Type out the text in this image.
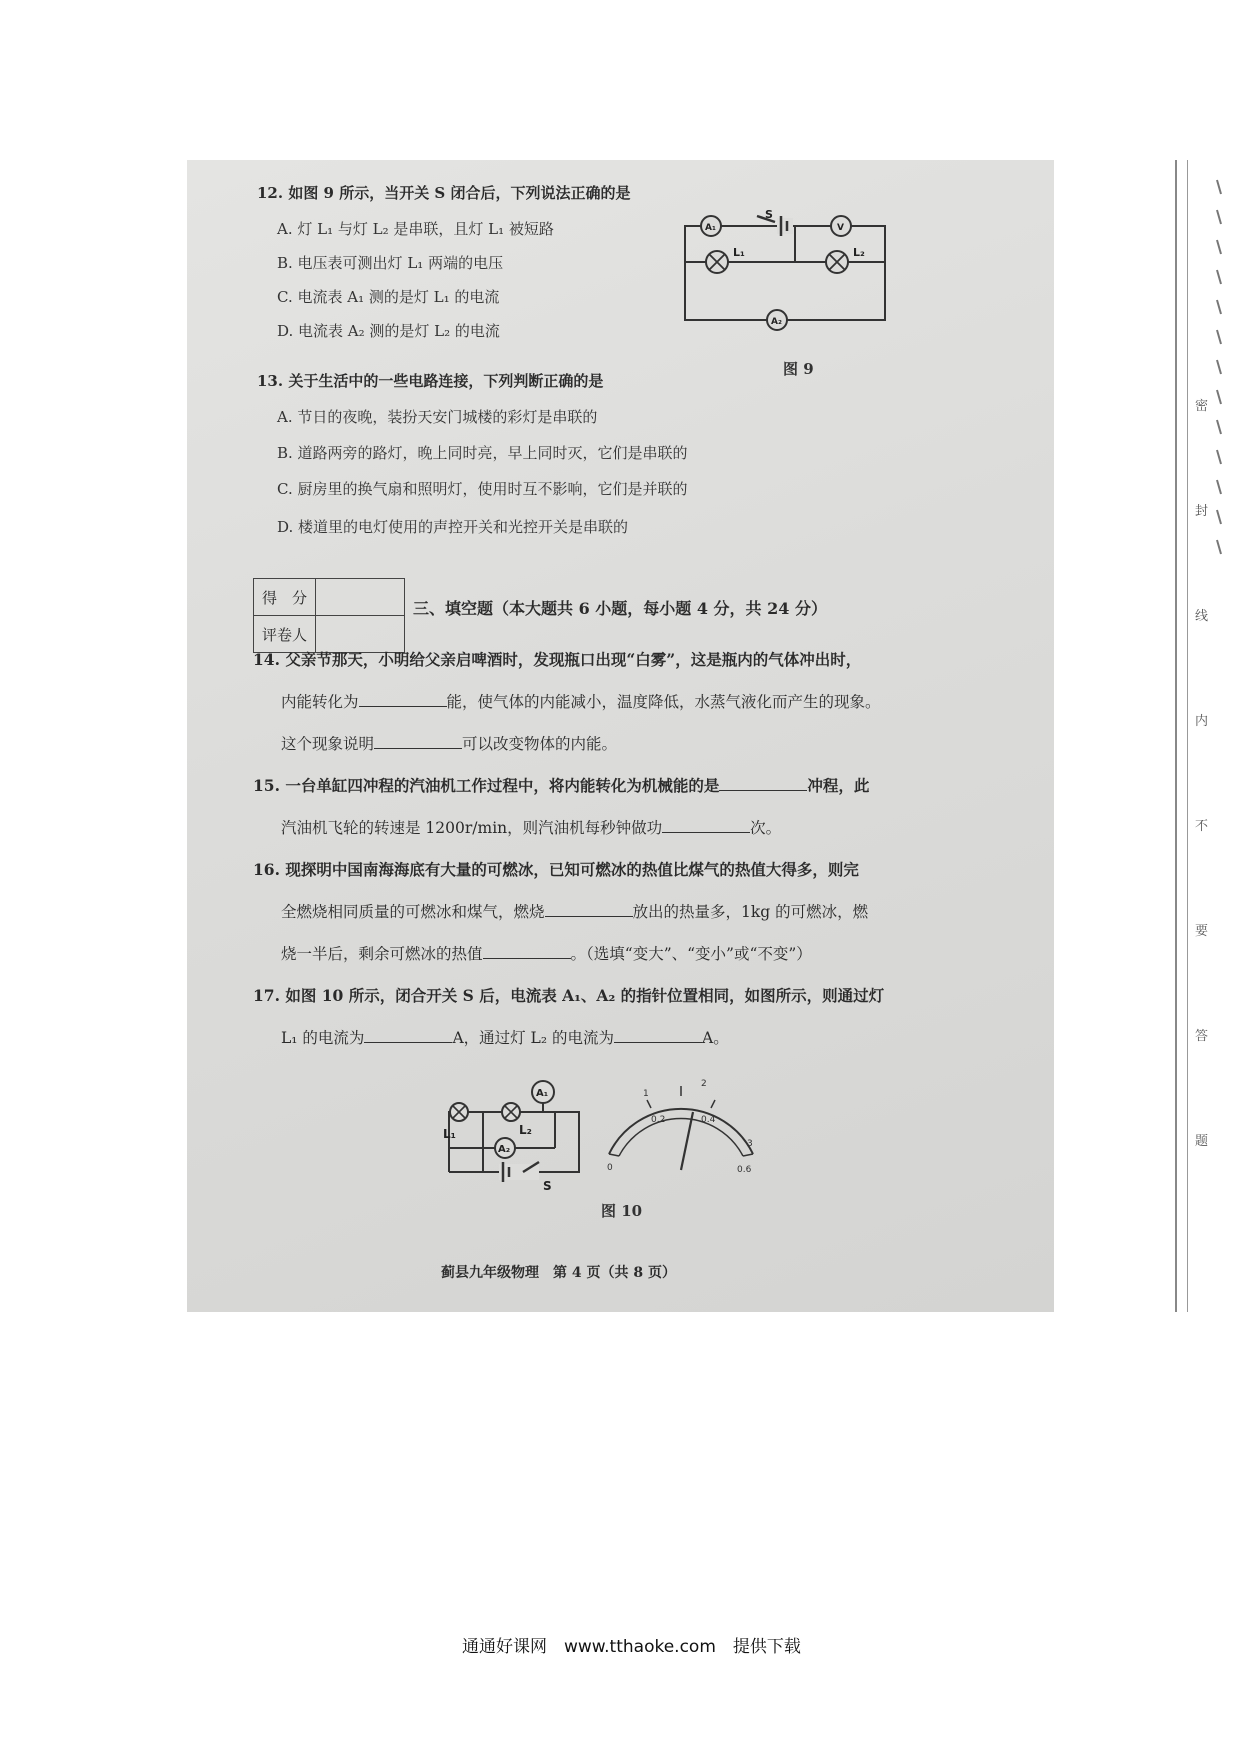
12. 如图 9 所示，当开关 S 闭合后，下列说法正确的是
A. 灯 L₁ 与灯 L₂ 是串联，且灯 L₁ 被短路
B. 电压表可测出灯 L₁ 两端的电压
C. 电流表 A₁ 测的是灯 L₁ 的电流
D. 电流表 A₂ 测的是灯 L₂ 的电流
A₁	V
A₂
L₁	L₂
S
图 9
13. 关于生活中的一些电路连接，下列判断正确的是
A. 节日的夜晚，装扮天安门城楼的彩灯是串联的
B. 道路两旁的路灯，晚上同时亮，早上同时灭，它们是串联的
C. 厨房里的换气扇和照明灯，使用时互不影响，它们是并联的
D. 楼道里的电灯使用的声控开关和光控开关是串联的
得　分	
评卷人	
三、填空题（本大题共 6 小题，每小题 4 分，共 24 分）
14. 父亲节那天，小明给父亲启啤酒时，发现瓶口出现“白雾”，这是瓶内的气体冲出时，
内能转化为	能，使气体的内能减小，温度降低，水蒸气液化而产生的现象。
这个现象说明	可以改变物体的内能。
15. 一台单缸四冲程的汽油机工作过程中，将内能转化为机械能的是	冲程，此
汽油机飞轮的转速是 1200r/min，则汽油机每秒钟做功	次。
16. 现探明中国南海海底有大量的可燃冰，已知可燃冰的热值比煤气的热值大得多，则完
全燃烧相同质量的可燃冰和煤气，燃烧	放出的热量多，1kg 的可燃冰，燃
烧一半后，剩余可燃冰的热值	。（选填“变大”、“变小”或“不变”）
17. 如图 10 所示，闭合开关 S 后，电流表 A₁、A₂ 的指针位置相同，如图所示，则通过灯
L₁ 的电流为	A，通过灯 L₂ 的电流为	A。
A₁
A₂
L₁	L₂
S
0
0.2	0.4
0.6
1
2
3
图 10
蓟县九年级物理　第 4 页（共 8 页）
密
封
线
内
不
要
答
题
通通好课网　www.tthaoke.com　提供下载
